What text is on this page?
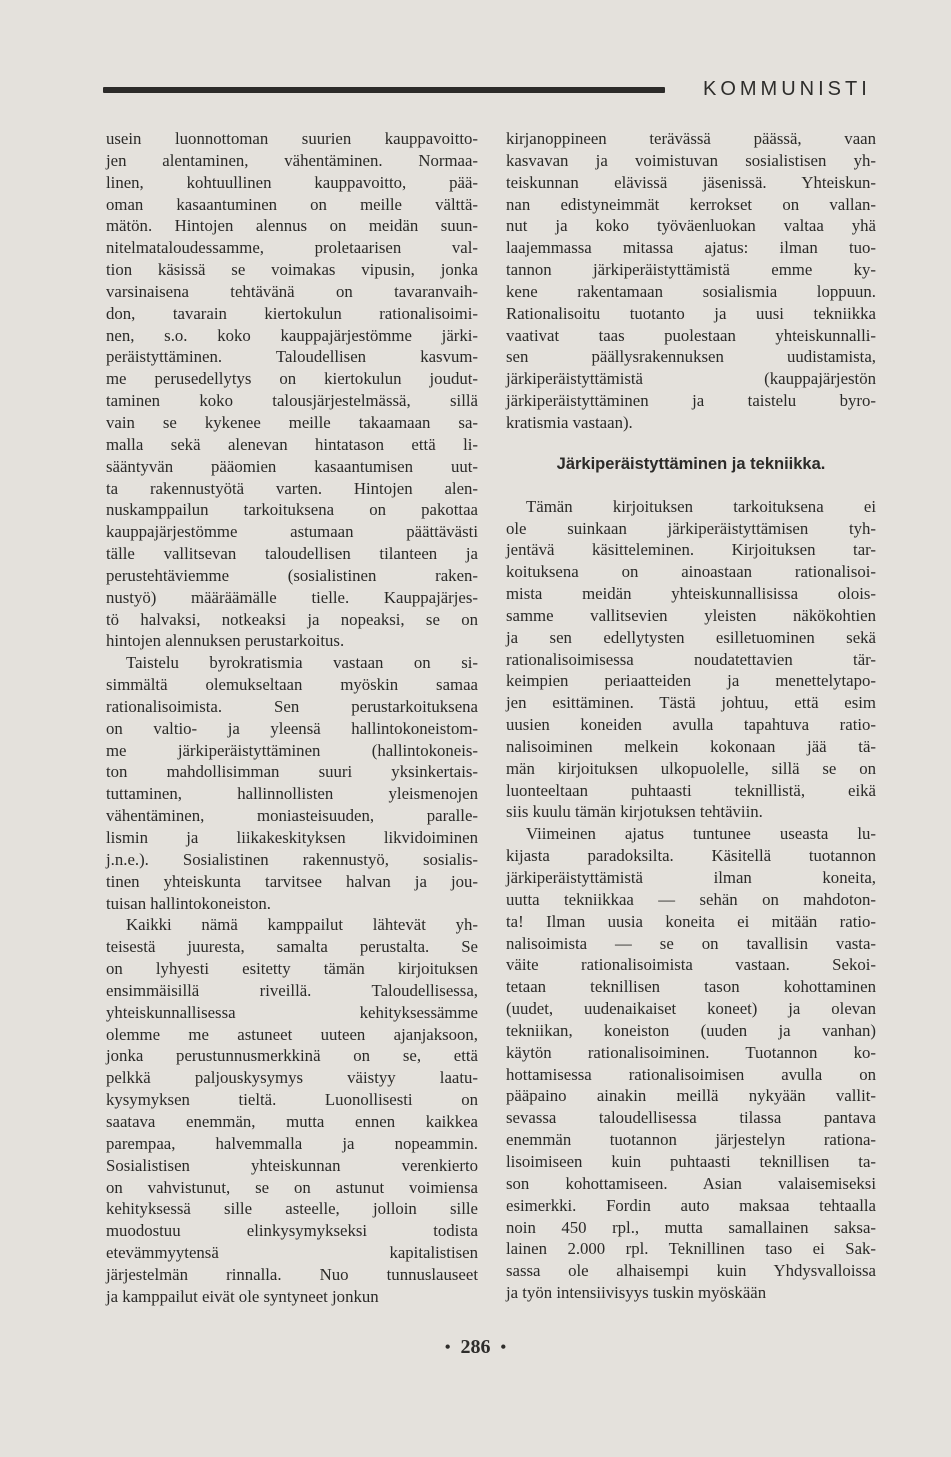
KOMMUNISTI
usein luonnottoman suurien kauppavoitto-
jen alentaminen, vähentäminen. Normaa-
linen, kohtuullinen kauppavoitto, pää-
oman kasaantuminen on meille välttä-
mätön. Hintojen alennus on meidän suun-
nitelmataloudessamme, proletaarisen val-
tion käsissä se voimakas vipusin, jonka
varsinaisena tehtävänä on tavaranvaih-
don, tavarain kiertokulun rationalisoimi-
nen, s.o. koko kauppajärjestömme järki-
peräistyttäminen. Taloudellisen kasvum-
me perusedellytys on kiertokulun joudut-
taminen koko talousjärjestelmässä, sillä
vain se kykenee meille takaamaan sa-
malla sekä alenevan hintatason että li-
sääntyvän pääomien kasaantumisen uut-
ta rakennustyötä varten. Hintojen alen-
nuskamppailun tarkoituksena on pakottaa
kauppajärjestömme astumaan päättävästi
tälle vallitsevan taloudellisen tilanteen ja
perustehtäviemme (sosialistinen raken-
nustyö) määräämälle tielle. Kauppajärjes-
tö halvaksi, notkeaksi ja nopeaksi, se on
hintojen alennuksen perustarkoitus.
Taistelu byrokratismia vastaan on si-
simmältä olemukseltaan myöskin samaa
rationalisoimista. Sen perustarkoituksena
on valtio- ja yleensä hallintokoneistom-
me järkiperäistyttäminen (hallintokoneis-
ton mahdollisimman suuri yksinkertais-
tuttaminen, hallinnollisten yleismenojen
vähentäminen, moniasteisuuden, paralle-
lismin ja liikakeskityksen likvidoiminen
j.n.e.). Sosialistinen rakennustyö, sosialis-
tinen yhteiskunta tarvitsee halvan ja jou-
tuisan hallintokoneiston.
Kaikki nämä kamppailut lähtevät yh-
teisestä juuresta, samalta perustalta. Se
on lyhyesti esitetty tämän kirjoituksen
ensimmäisillä riveillä. Taloudellisessa,
yhteiskunnallisessa kehityksessämme
olemme me astuneet uuteen ajanjaksoon,
jonka perustunnusmerkkinä on se, että
pelkkä paljouskysymys väistyy laatu-
kysymyksen tieltä. Luonollisesti on
saatava enemmän, mutta ennen kaikkea
parempaa, halvemmalla ja nopeammin.
Sosialistisen yhteiskunnan verenkierto
on vahvistunut, se on astunut voimiensa
kehityksessä sille asteelle, jolloin sille
muodostuu elinkysymykseksi todista
etevämmyytensä kapitalistisen
järjestelmän rinnalla. Nuo tunnuslauseet
ja kamppailut eivät ole syntyneet jonkun
kirjanoppineen terävässä päässä, vaan
kasvavan ja voimistuvan sosialistisen yh-
teiskunnan elävissä jäsenissä. Yhteiskun-
nan edistyneimmät kerrokset on vallan-
nut ja koko työväenluokan valtaa yhä
laajemmassa mitassa ajatus: ilman tuo-
tannon järkiperäistyttämistä emme ky-
kene rakentamaan sosialismia loppuun.
Rationalisoitu tuotanto ja uusi tekniikka
vaativat taas puolestaan yhteiskunnalli-
sen päällysrakennuksen uudistamista,
järkiperäistyttämistä (kauppajärjestön
järkiperäistyttäminen ja taistelu byro-
kratismia vastaan).
Järkiperäistyttäminen ja tekniikka.
Tämän kirjoituksen tarkoituksena ei
ole suinkaan järkiperäistyttämisen tyh-
jentävä käsitteleminen. Kirjoituksen tar-
koituksena on ainoastaan rationalisoi-
mista meidän yhteiskunnallisissa olois-
samme vallitsevien yleisten näkökohtien
ja sen edellytysten esilletuominen sekä
rationalisoimisessa noudatettavien tär-
keimpien periaatteiden ja menettelytapo-
jen esittäminen. Tästä johtuu, että esim
uusien koneiden avulla tapahtuva ratio-
nalisoiminen melkein kokonaan jää tä-
män kirjoituksen ulkopuolelle, sillä se on
luonteeltaan puhtaasti teknillistä, eikä
siis kuulu tämän kirjotuksen tehtäviin.
Viimeinen ajatus tuntunee useasta lu-
kijasta paradoksilta. Käsitellä tuotannon
järkiperäistyttämistä ilman koneita,
uutta tekniikkaa — sehän on mahdoton-
ta! Ilman uusia koneita ei mitään ratio-
nalisoimista — se on tavallisin vasta-
väite rationalisoimista vastaan. Sekoi-
tetaan teknillisen tason kohottaminen
(uudet, uudenaikaiset koneet) ja olevan
tekniikan, koneiston (uuden ja vanhan)
käytön rationalisoiminen. Tuotannon ko-
hottamisessa rationalisoimisen avulla on
pääpaino ainakin meillä nykyään vallit-
sevassa taloudellisessa tilassa pantava
enemmän tuotannon järjestelyn rationa-
lisoimiseen kuin puhtaasti teknillisen ta-
son kohottamiseen. Asian valaisemiseksi
esimerkki. Fordin auto maksaa tehtaalla
noin 450 rpl., mutta samallainen saksa-
lainen 2.000 rpl. Teknillinen taso ei Sak-
sassa ole alhaisempi kuin Yhdysvalloissa
ja työn intensiivisyys tuskin myöskään
• 286 •
